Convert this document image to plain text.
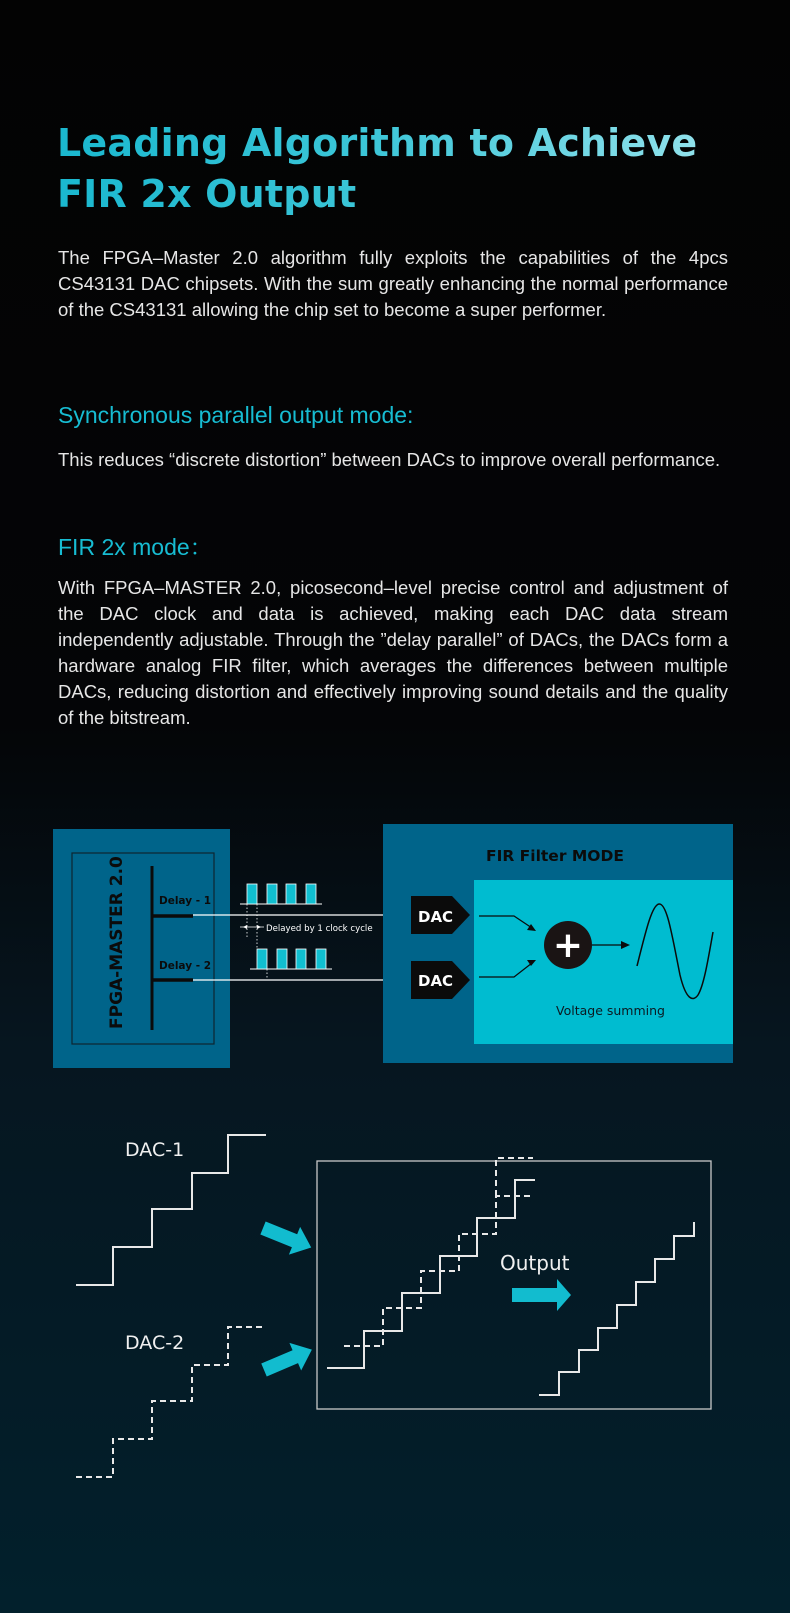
Leading Algorithm to Achieve
FIR 2x Output
The FPGA–Master 2.0 algorithm fully exploits the capabilities of the 4pcs CS43131 DAC chipsets. With the sum greatly enhancing the normal performance of the CS43131 allowing the chip set to become a super performer.
Synchronous parallel output mode:
This reduces “discrete distortion” between DACs to improve overall performance.
FIR 2x mode：
With FPGA–MASTER 2.0, picosecond–level precise control and adjustment of the DAC clock and data is achieved, making each DAC data stream independently adjustable. Through the ”delay parallel” of DACs, the DACs form a hardware analog FIR filter, which averages the differences between multiple DACs, reducing distortion and effectively improving sound details and the quality of the bitstream.
FPGA-MASTER 2.0	Delay - 1
Delay - 2
Delayed by 1 clock cycle
FIR Filter MODE
DAC
DAC
+
Voltage summing
DAC-1
DAC-2
Output
